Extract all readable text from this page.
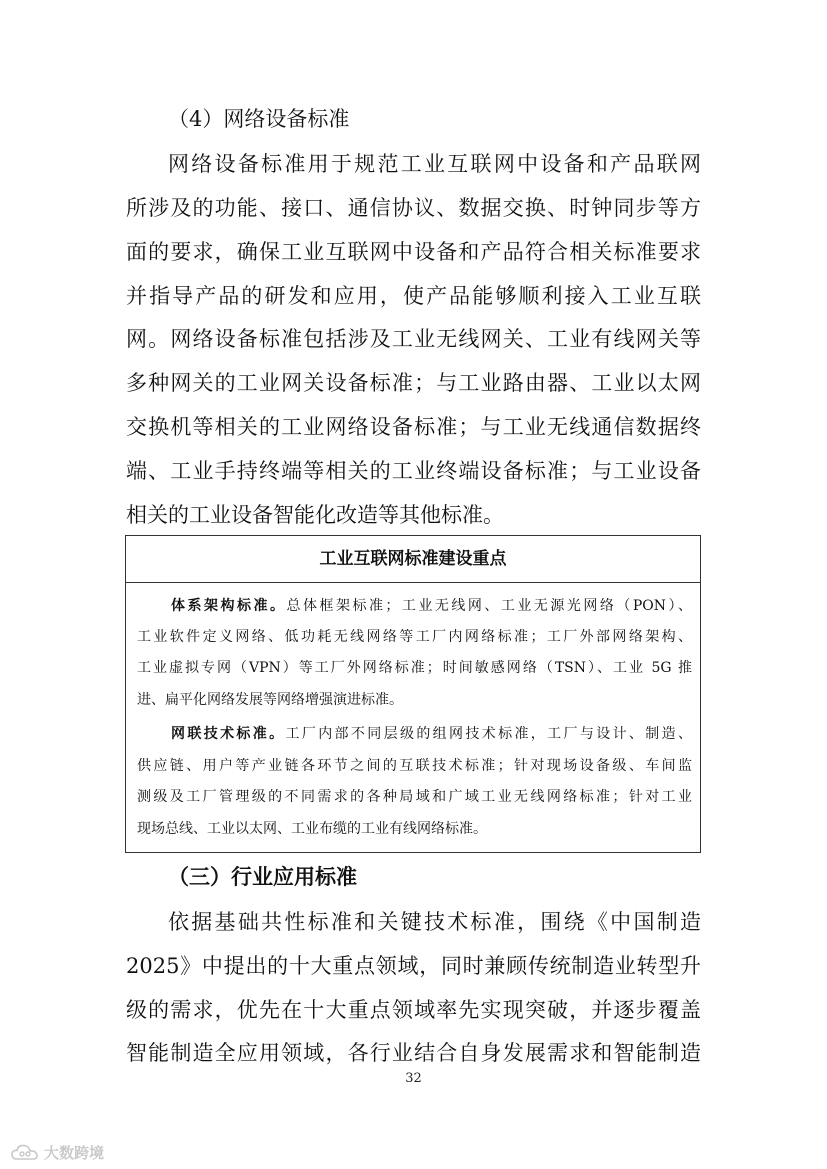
（4）网络设备标准
网络设备标准用于规范工业互联网中设备和产品联网
所涉及的功能、接口、通信协议、数据交换、时钟同步等方
面的要求，确保工业互联网中设备和产品符合相关标准要求
并指导产品的研发和应用，使产品能够顺利接入工业互联
网。网络设备标准包括涉及工业无线网关、工业有线网关等
多种网关的工业网关设备标准；与工业路由器、工业以太网
交换机等相关的工业网络设备标准；与工业无线通信数据终
端、工业手持终端等相关的工业终端设备标准；与工业设备
相关的工业设备智能化改造等其他标准。
工业互联网标准建设重点
体系架构标准。总体框架标准；工业无线网、工业无源光网络（PON）、
工业软件定义网络、低功耗无线网络等工厂内网络标准；工厂外部网络架构、
工业虚拟专网（VPN）等工厂外网络标准；时间敏感网络（TSN）、工业 5G 推
进、扁平化网络发展等网络增强演进标准。
网联技术标准。工厂内部不同层级的组网技术标准，工厂与设计、制造、
供应链、用户等产业链各环节之间的互联技术标准；针对现场设备级、车间监
测级及工厂管理级的不同需求的各种局域和广域工业无线网络标准；针对工业
现场总线、工业以太网、工业布缆的工业有线网络标准。
（三）行业应用标准
依据基础共性标准和关键技术标准，围绕《中国制造
2025》中提出的十大重点领域，同时兼顾传统制造业转型升
级的需求，优先在十大重点领域率先实现突破，并逐步覆盖
智能制造全应用领域，各行业结合自身发展需求和智能制造
32
大数跨境
